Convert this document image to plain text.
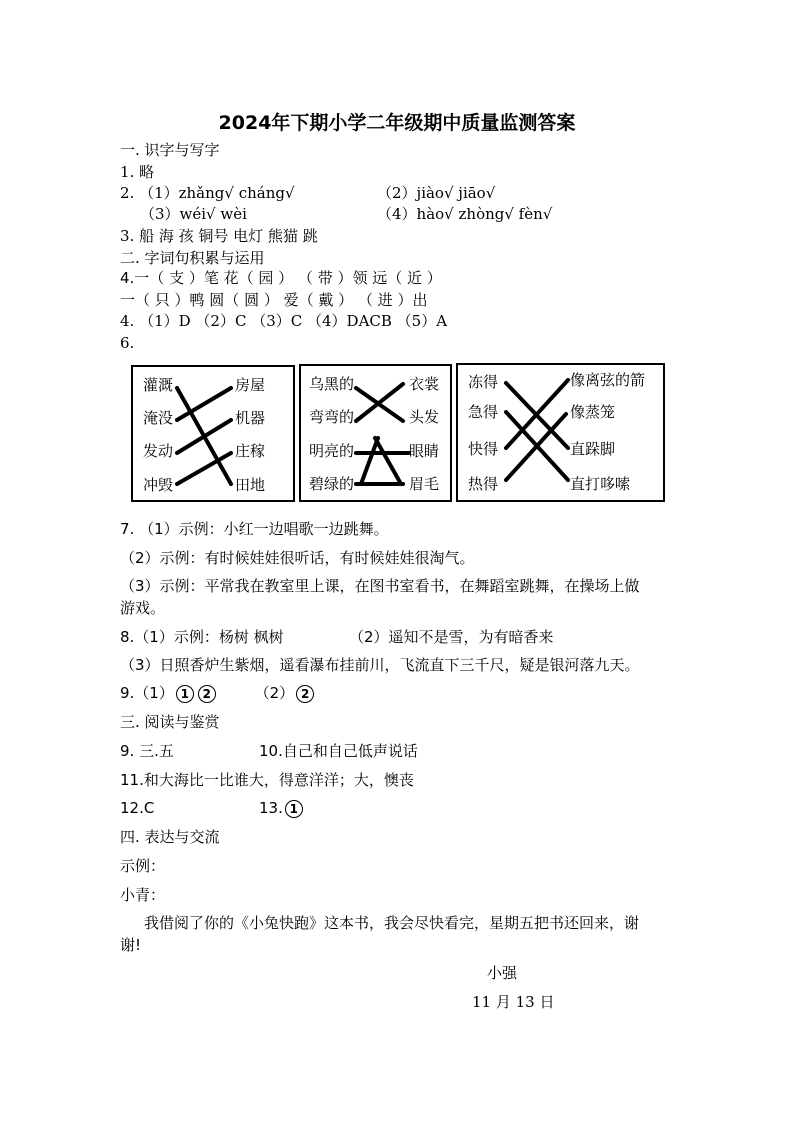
2024年下期小学二年级期中质量监测答案
一. 识字与写字
1. 略
2. （1）zhǎng√ cháng√	（2）jiào√ jiāo√
（3）wéi√ wèi	（4）hào√ zhòng√ fèn√
3. 船 海 孩 铜号 电灯 熊猫 跳
二. 字词句积累与运用
4.一（ 支 ）笔 花（ 园 ） （ 带 ）领 远（ 近 ）
一（ 只 ）鸭 圆（ 圆 ） 爱（ 戴 ） （ 进 ）出
4. （1）D （2）C （3）C （4）DACB （5）A
6.
灌溉
淹没
发动
冲毁
房屋
机器
庄稼
田地
乌黑的
弯弯的
明亮的
碧绿的
衣裳
头发
眼睛
眉毛
冻得
急得
快得
热得
像离弦的箭
像蒸笼
直跺脚
直打哆嗦
7. （1）示例：小红一边唱歌一边跳舞。
（2）示例：有时候娃娃很听话，有时候娃娃很淘气。
（3）示例：平常我在教室里上课，在图书室看书，在舞蹈室跳舞，在操场上做
游戏。
8.（1）示例：杨树 枫树	（2）遥知不是雪，为有暗香来
（3）日照香炉生紫烟，遥看瀑布挂前川，飞流直下三千尺，疑是银河落九天。
9.（1） 1 2	（2） 2
三. 阅读与鉴赏
9. 三.五	10.自己和自己低声说话
11.和大海比一比谁大，得意洋洋；大，懊丧
12.C	13. 1
四. 表达与交流
示例：
小青：
我借阅了你的《小兔快跑》这本书，我会尽快看完，星期五把书还回来，谢
谢!
小强
11 月 13 日
